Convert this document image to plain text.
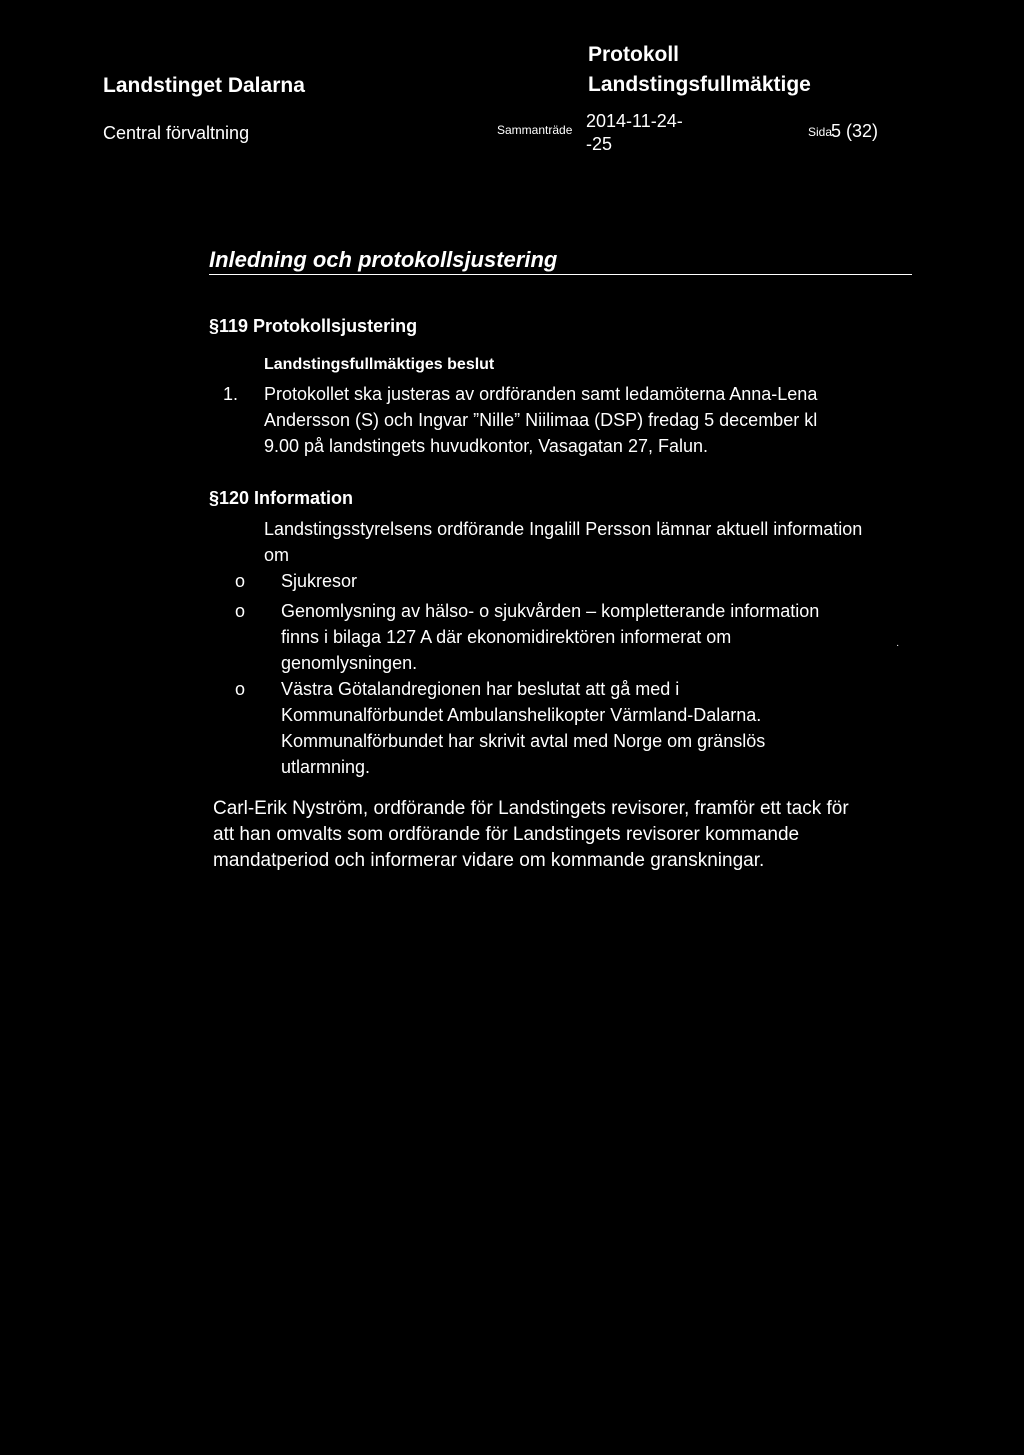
Landstinget Dalarna
Central förvaltning
Protokoll
Landstingsfullmäktige
Sammanträde 2014-11-24-
-25
Sida
5 (32)
Inledning och protokollsjustering
§119 Protokollsjustering
Landstingsfullmäktiges beslut
1. Protokollet ska justeras av ordföranden samt ledamöterna Anna-Lena
Andersson (S) och Ingvar ”Nille” Niilimaa (DSP) fredag 5 december kl
9.00 på landstingets huvudkontor, Vasagatan 27, Falun.
§120 Information
Landstingsstyrelsens ordförande Ingalill Persson lämnar aktuell information
om
o	Sjukresor
o	Genomlysning av hälso- o sjukvården – kompletterande information
finns i bilaga 127 A där ekonomidirektören informerat om
genomlysningen.
o	Västra Götalandregionen har beslutat att gå med i
Kommunalförbundet Ambulanshelikopter Värmland-Dalarna.
Kommunalförbundet har skrivit avtal med Norge om gränslös
utlarmning.
·
Carl-Erik Nyström, ordförande för Landstingets revisorer, framför ett tack för
att han omvalts som ordförande för Landstingets revisorer kommande
mandatperiod och informerar vidare om kommande granskningar.
